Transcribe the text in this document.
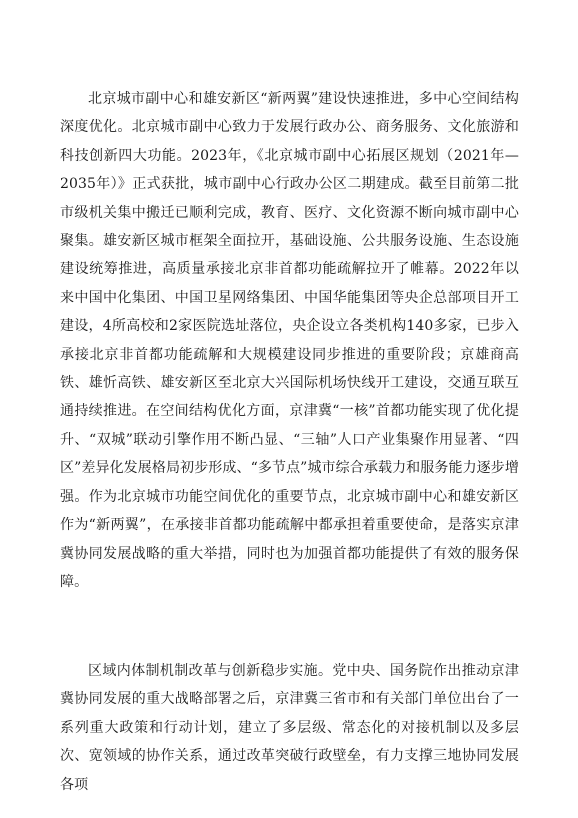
北京城市副中心和雄安新区“新两翼”建设快速推进，多中心空间结构深度优化。北京城市副中心致力于发展行政办公、商务服务、文化旅游和科技创新四大功能。2023年，《北京城市副中心拓展区规划（2021年—2035年）》正式获批，城市副中心行政办公区二期建成。截至目前第二批市级机关集中搬迁已顺利完成，教育、医疗、文化资源不断向城市副中心聚集。雄安新区城市框架全面拉开，基础设施、公共服务设施、生态设施建设统筹推进，高质量承接北京非首都功能疏解拉开了帷幕。2022年以来中国中化集团、中国卫星网络集团、中国华能集团等央企总部项目开工建设，4所高校和2家医院选址落位，央企设立各类机构140多家，已步入承接北京非首都功能疏解和大规模建设同步推进的重要阶段；京雄商高铁、雄忻高铁、雄安新区至北京大兴国际机场快线开工建设，交通互联互通持续推进。在空间结构优化方面，京津冀“一核”首都功能实现了优化提升、“双城”联动引擎作用不断凸显、“三轴”人口产业集聚作用显著、“四区”差异化发展格局初步形成、“多节点”城市综合承载力和服务能力逐步增强。作为北京城市功能空间优化的重要节点，北京城市副中心和雄安新区作为“新两翼”，在承接非首都功能疏解中都承担着重要使命，是落实京津冀协同发展战略的重大举措，同时也为加强首都功能提供了有效的服务保障。

区域内体制机制改革与创新稳步实施。党中央、国务院作出推动京津冀协同发展的重大战略部署之后，京津冀三省市和有关部门单位出台了一系列重大政策和行动计划，建立了多层级、常态化的对接机制以及多层次、宽领域的协作关系，通过改革突破行政壁垒，有力支撑三地协同发展各项
